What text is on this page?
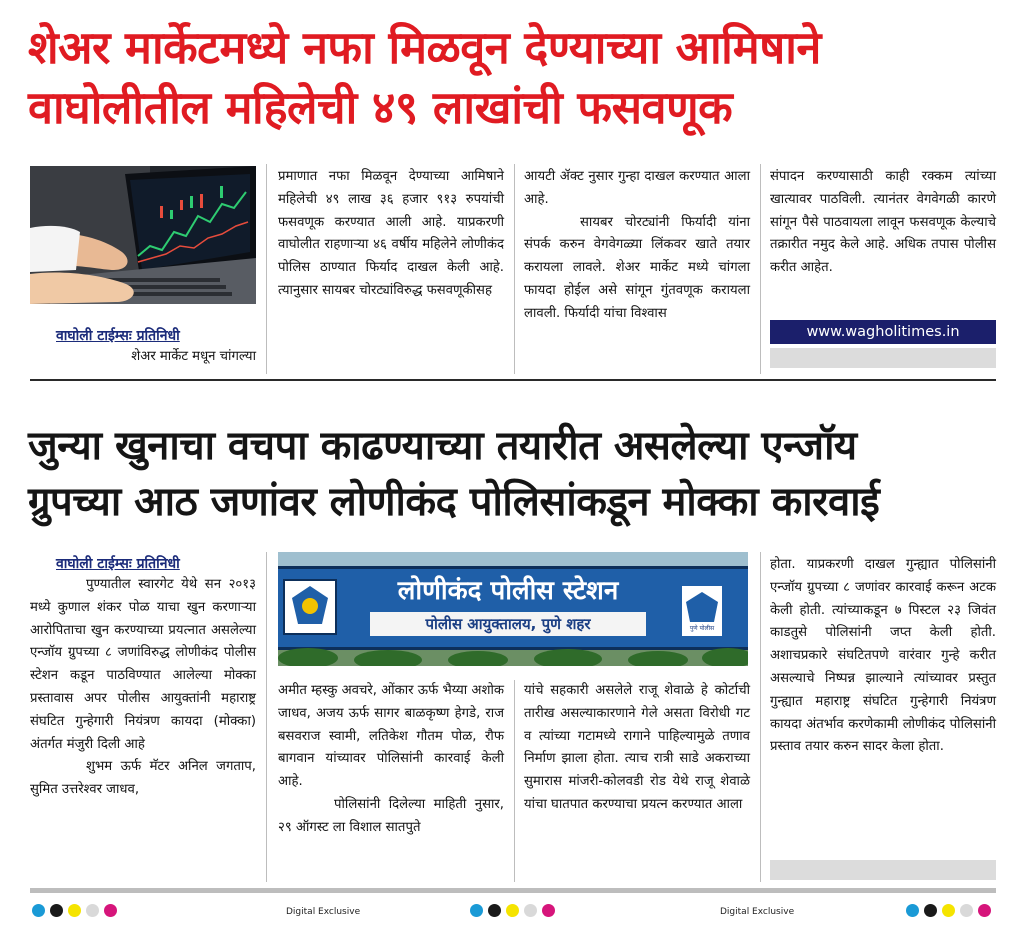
शेअर मार्केटमध्ये नफा मिळवून देण्याच्या आमिषाने
वाघोलीतील महिलेची ४९ लाखांची फसवणूक
वाघोली टाईम्सः प्रतिनिधी
शेअर मार्केट मधून चांगल्या
प्रमाणात नफा मिळवून देण्याच्या आमिषाने महिलेची ४९ लाख ३६ हजार ९१३ रुपयांची फसवणूक करण्यात आली आहे. याप्रकरणी वाघोलीत राहणाऱ्या ४६ वर्षीय महिलेने लोणीकंद पोलिस ठाण्यात फिर्याद दाखल केली आहे. त्यानुसार सायबर चोरट्यांविरुद्ध फसवणूकीसह
आयटी ॲक्ट नुसार गुन्हा दाखल करण्यात आला आहे.
सायबर चोरट्यांनी फिर्यादी यांना संपर्क करुन वेगवेगळ्या लिंकवर खाते तयार करायला लावले. शेअर मार्केट मध्ये चांगला फायदा होईल असे सांगून गुंतवणूक करायला लावली. फिर्यादी यांचा विश्वास
संपादन करण्यासाठी काही रक्कम त्यांच्या खात्यावर पाठविली. त्यानंतर वेगवेगळी कारणे सांगून पैसे पाठवायला लावून फसवणूक केल्याचे तक्रारीत नमुद केले आहे. अधिक तपास पोलीस करीत आहेत.
www.wagholitimes.in
जुन्या खुनाचा वचपा काढण्याच्या तयारीत असलेल्या एन्जॉय
ग्रुपच्या आठ जणांवर लोणीकंद पोलिसांकडून मोक्का कारवाई
वाघोली टाईम्सः प्रतिनिधी
पुण्यातील स्वारगेट येथे सन २०१३ मध्ये कुणाल शंकर पोळ याचा खुन करणाऱ्या आरोपिताचा खुन करण्याच्या प्रयत्नात असलेल्या एन्जॉय ग्रुपच्या ८ जणांविरुद्ध लोणीकंद पोलीस स्टेशन कडून पाठविण्यात आलेल्या मोक्का प्रस्तावास अपर पोलीस आयुक्तांनी महाराष्ट्र संघटित गुन्हेगारी नियंत्रण कायदा (मोक्का) अंतर्गत मंजुरी दिली आहे
शुभम ऊर्फ मॅटर अनिल जगताप, सुमित उत्तरेश्वर जाधव,
लोणीकंद पोलीस स्टेशन
पोलीस आयुक्तालय, पुणे शहर	पुणे पोलीस
अमीत म्हस्कु अवचरे, ओंकार ऊर्फ भैय्या अशोक जाधव, अजय ऊर्फ सागर बाळकृष्ण हेगडे, राज बसवराज स्वामी, लतिकेश गौतम पोळ, रौफ बागवान यांच्यावर पोलिसांनी कारवाई केली आहे.
पोलिसांनी दिलेल्या माहिती नुसार, २९ ऑगस्ट ला विशाल सातपुते
यांचे सहकारी असलेले राजू शेवाळे हे कोर्टाची तारीख असल्याकारणाने गेले असता विरोधी गट व त्यांच्या गटामध्ये रागाने पाहिल्यामुळे तणाव निर्माण झाला होता. त्याच रात्री साडे अकराच्या सुमारास मांजरी-कोलवडी रोड येथे राजू शेवाळे यांचा घातपात करण्याचा प्रयत्न करण्यात आला
होता. याप्रकरणी दाखल गुन्ह्यात पोलिसांनी एन्जॉय ग्रुपच्या ८ जणांवर कारवाई करून अटक केली होती. त्यांच्याकडून ७ पिस्टल २३ जिवंत काडतुसे पोलिसांनी जप्त केली होती. अशाचप्रकारे संघटितपणे वारंवार गुन्हे करीत असल्याचे निष्पन्न झाल्याने त्यांच्यावर प्रस्तुत गुन्ह्यात महाराष्ट्र संघटित गुन्हेगारी नियंत्रण कायदा अंतर्भाव करणेकामी लोणीकंद पोलिसांनी प्रस्ताव तयार करुन सादर केला होता.
Digital Exclusive	Digital Exclusive
